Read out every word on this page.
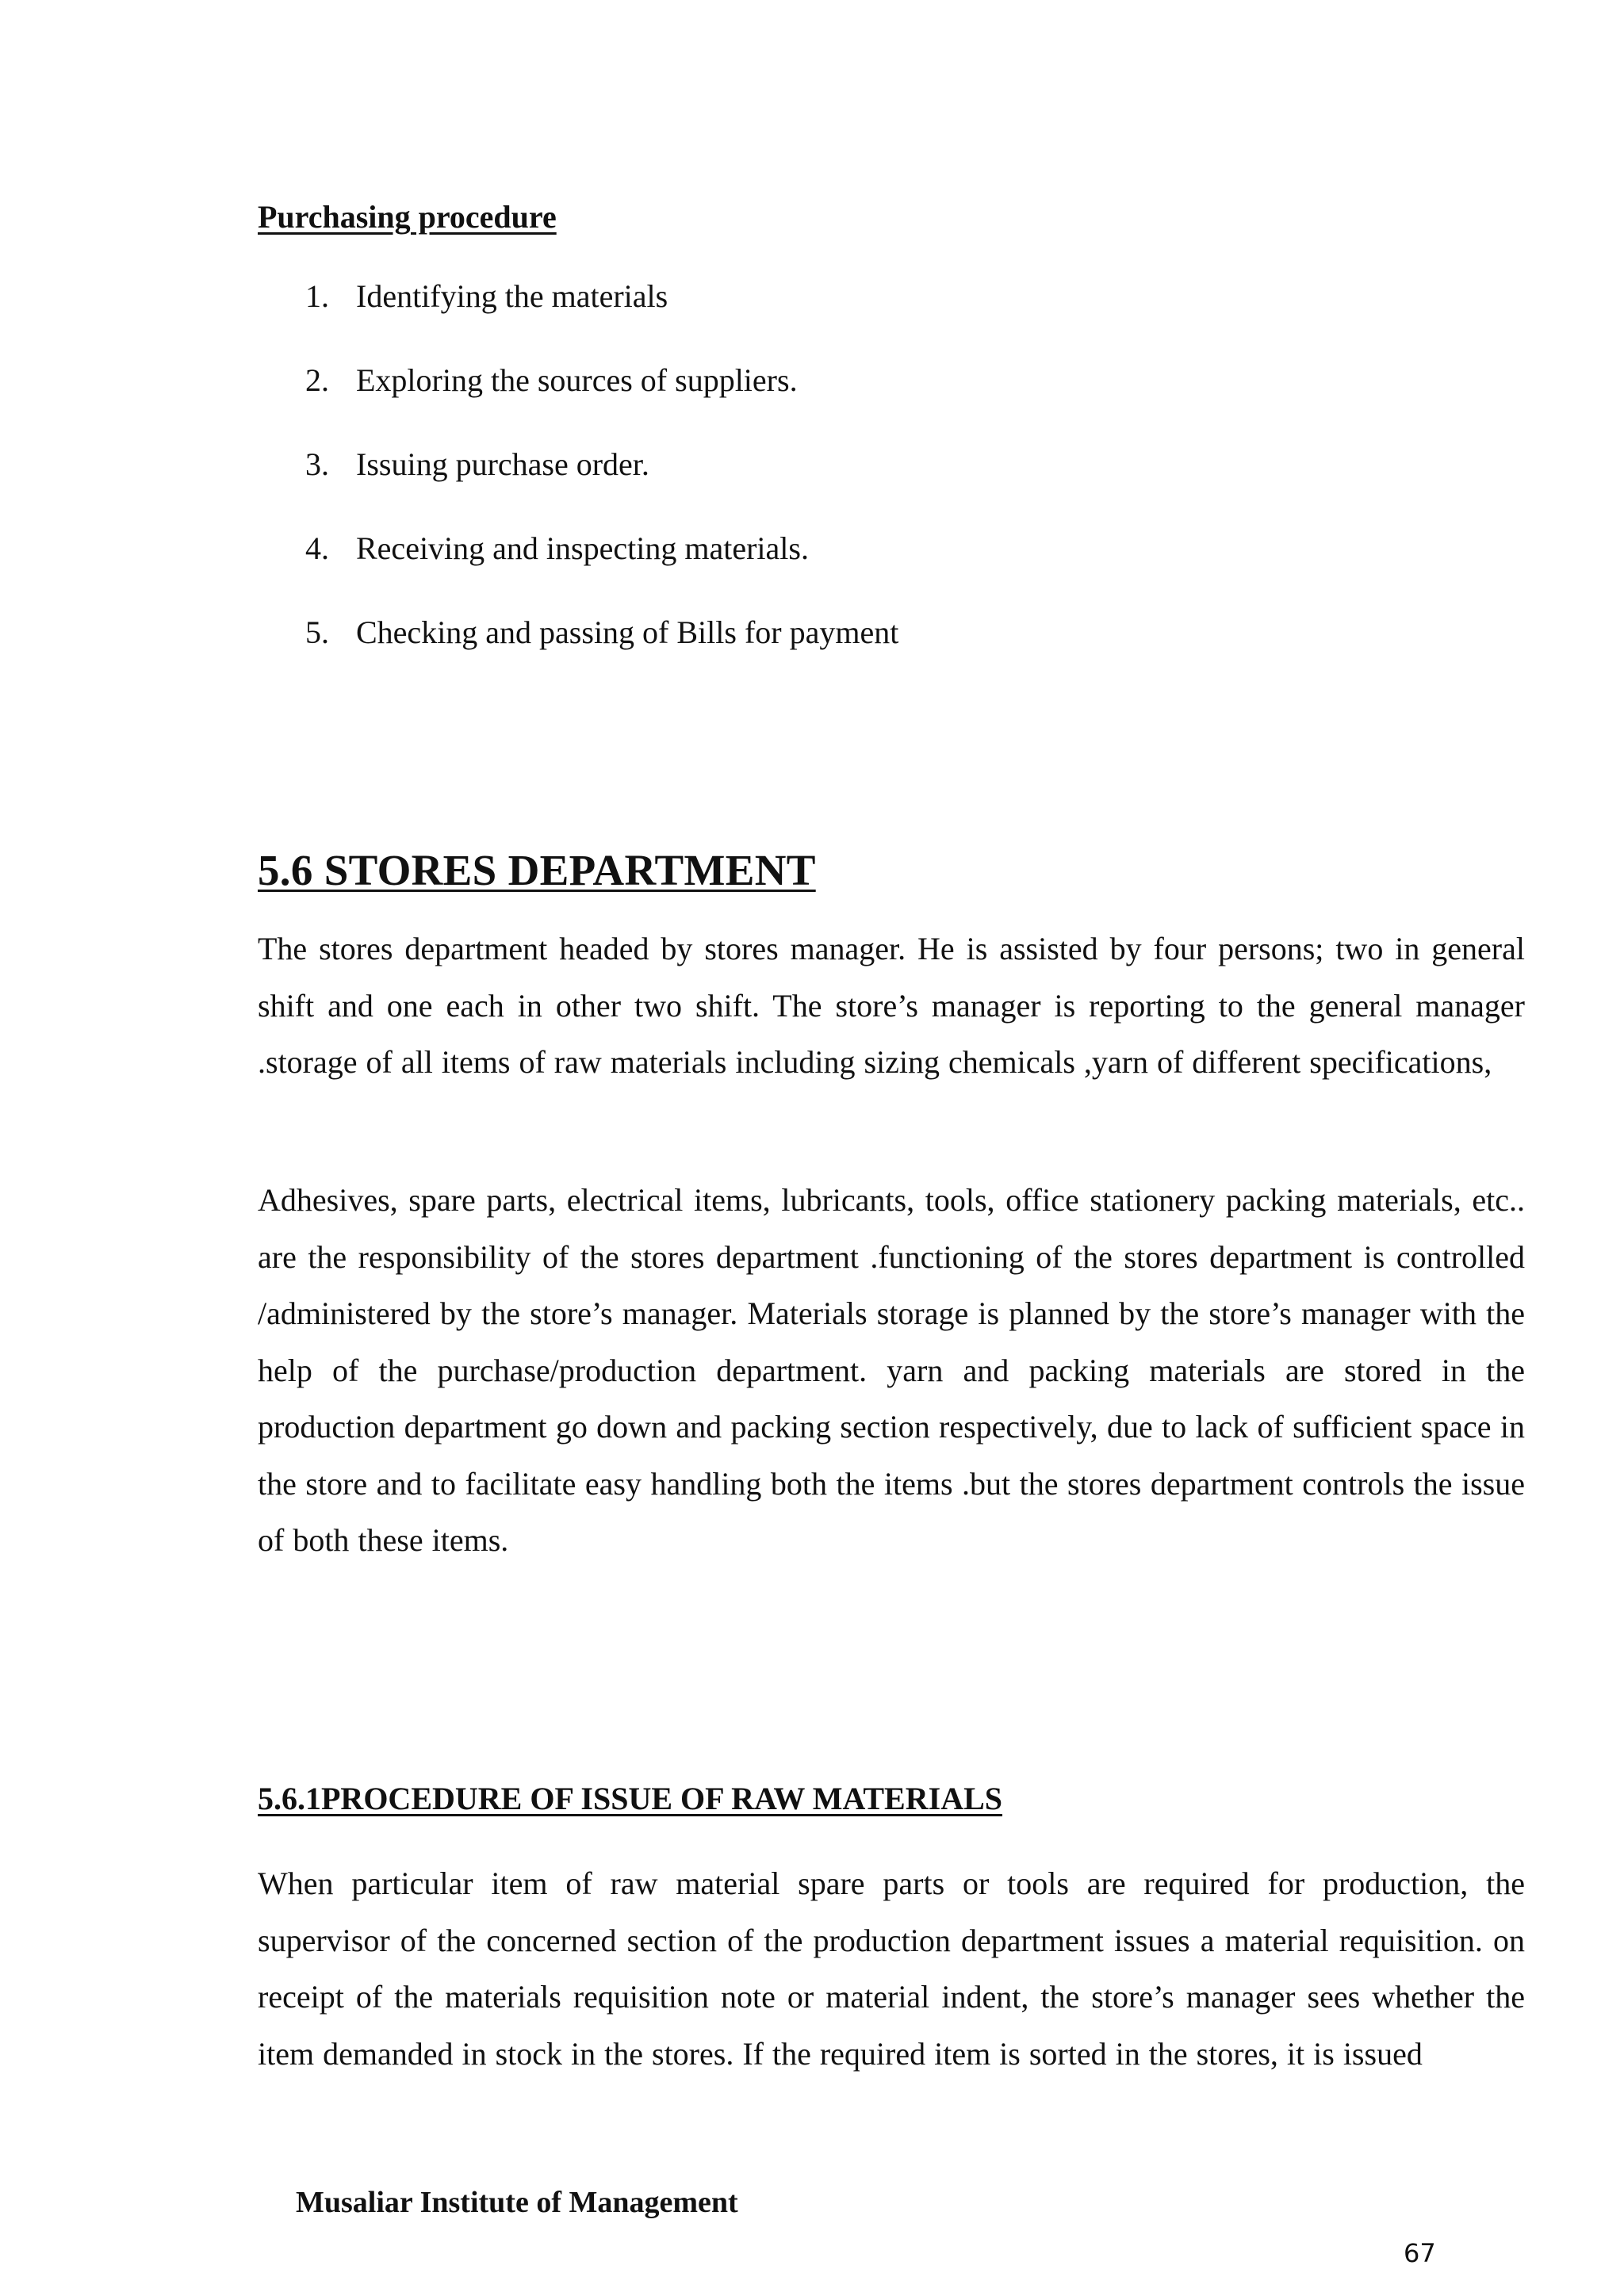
Purchasing procedure
1. Identifying the materials
2. Exploring the sources of suppliers.
3. Issuing purchase order.
4. Receiving and inspecting materials.
5. Checking and passing of Bills for payment
5.6 STORES DEPARTMENT

The stores department headed by stores manager. He is assisted by four persons; two in general shift and one each in other two shift. The store’s manager is reporting to the general manager .storage of all items of raw materials including sizing chemicals ,yarn of different specifications,

Adhesives, spare parts, electrical items, lubricants, tools, office stationery packing materials, etc.. are the responsibility of the stores department .functioning of the stores department is controlled /administered by the store’s manager. Materials storage is planned by the store’s manager with the help of the purchase/production department. yarn and packing materials are stored in the production department go down and packing section respectively, due to lack of sufficient space in the store and to facilitate easy handling both the items .but the stores department controls the issue of both these items.

5.6.1PROCEDURE OF ISSUE OF RAW MATERIALS

When particular item of raw material spare parts or tools are required for production, the supervisor of the concerned section of the production department issues a material requisition. on receipt of the materials requisition note or material indent, the store’s manager sees whether the item demanded in stock in the stores. If the required item is sorted in the stores, it is issued

Musaliar Institute of Management
67
